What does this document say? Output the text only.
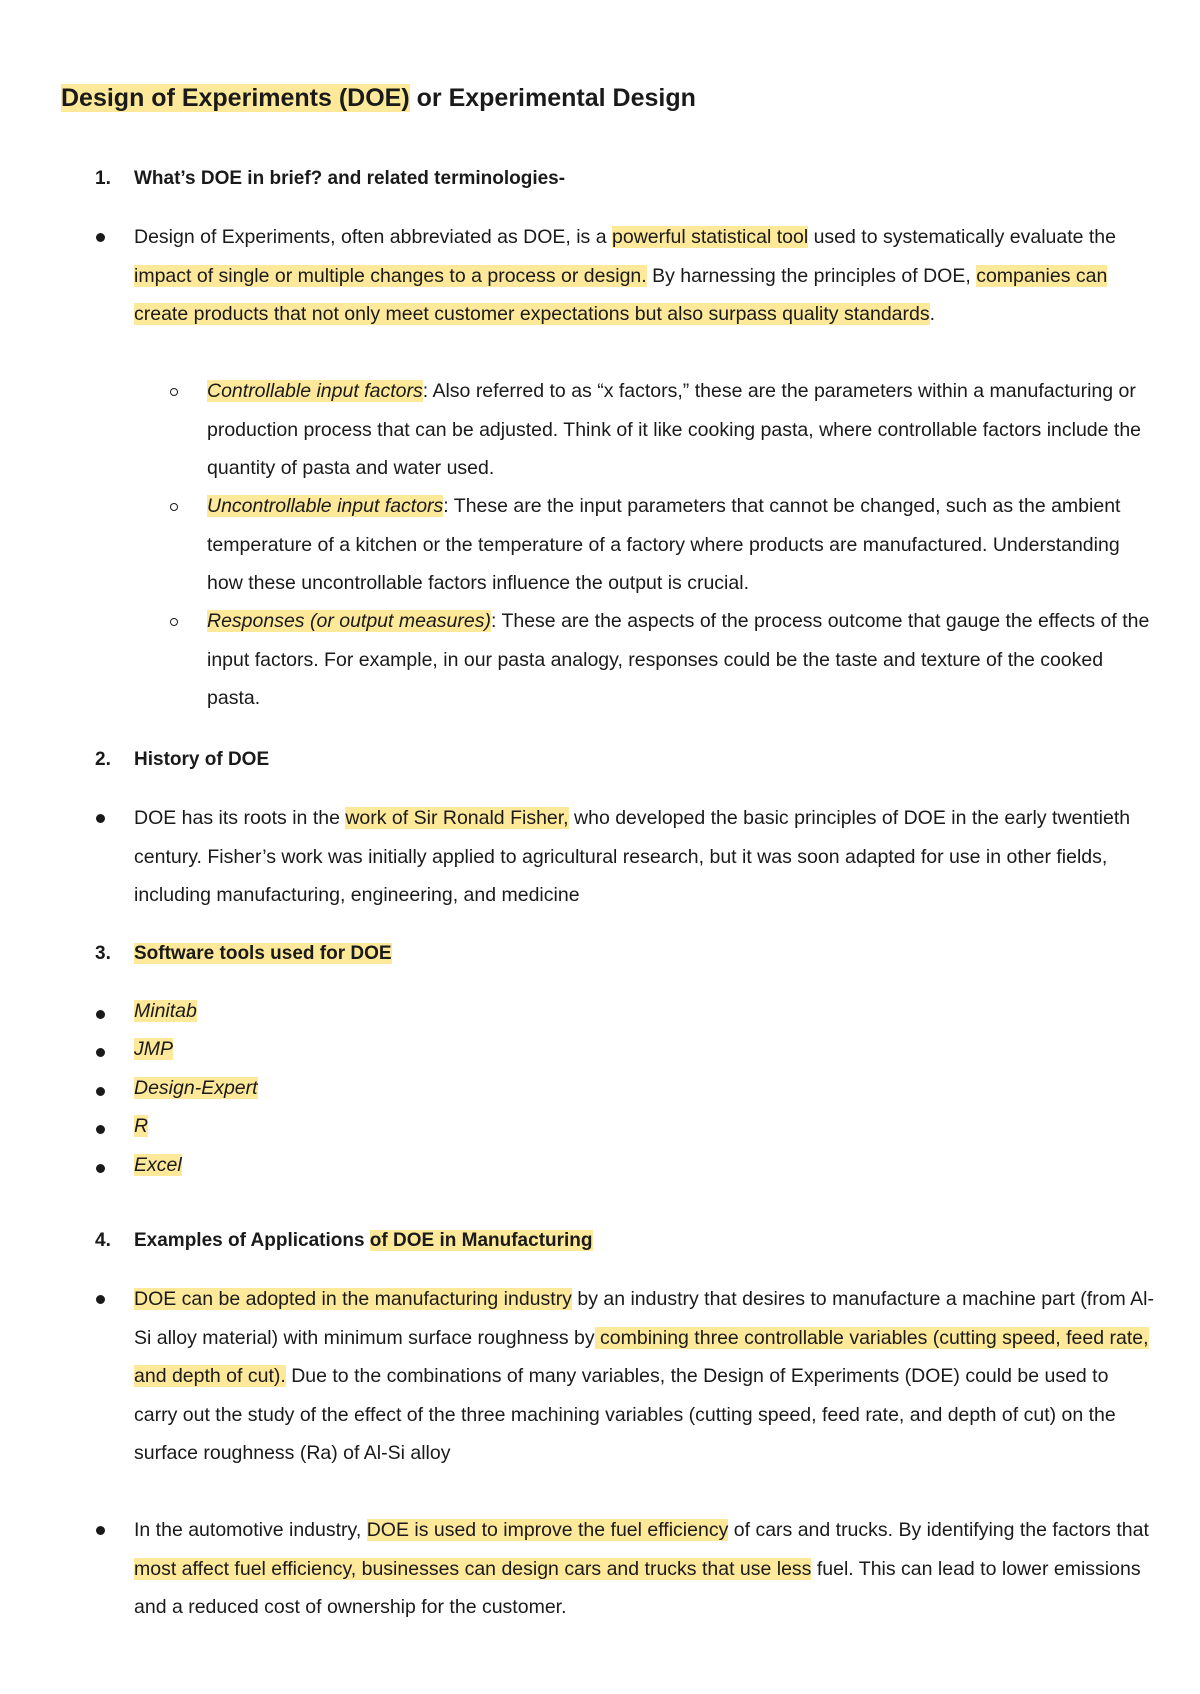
Design of Experiments (DOE) or Experimental Design

1. What’s DOE in brief? and related terminologies-

Design of Experiments, often abbreviated as DOE, is a powerful statistical tool used to systematically evaluate the impact of single or multiple changes to a process or design. By harnessing the principles of DOE, companies can create products that not only meet customer expectations but also surpass quality standards.

Controllable input factors: Also referred to as “x factors,” these are the parameters within a manufacturing or production process that can be adjusted. Think of it like cooking pasta, where controllable factors include the quantity of pasta and water used.

Uncontrollable input factors: These are the input parameters that cannot be changed, such as the ambient temperature of a kitchen or the temperature of a factory where products are manufactured. Understanding how these uncontrollable factors influence the output is crucial.

Responses (or output measures): These are the aspects of the process outcome that gauge the effects of the input factors. For example, in our pasta analogy, responses could be the taste and texture of the cooked pasta.

2. History of DOE

DOE has its roots in the work of Sir Ronald Fisher, who developed the basic principles of DOE in the early twentieth century. Fisher’s work was initially applied to agricultural research, but it was soon adapted for use in other fields, including manufacturing, engineering, and medicine

3. Software tools used for DOE

Minitab

JMP

Design-Expert

R

Excel

4. Examples of Applications of DOE in Manufacturing

DOE can be adopted in the manufacturing industry by an industry that desires to manufacture a machine part (from Al-Si alloy material) with minimum surface roughness by combining three controllable variables (cutting speed, feed rate, and depth of cut). Due to the combinations of many variables, the Design of Experiments (DOE) could be used to carry out the study of the effect of the three machining variables (cutting speed, feed rate, and depth of cut) on the surface roughness (Ra) of Al-Si alloy

In the automotive industry, DOE is used to improve the fuel efficiency of cars and trucks. By identifying the factors that most affect fuel efficiency, businesses can design cars and trucks that use less fuel. This can lead to lower emissions and a reduced cost of ownership for the customer.
